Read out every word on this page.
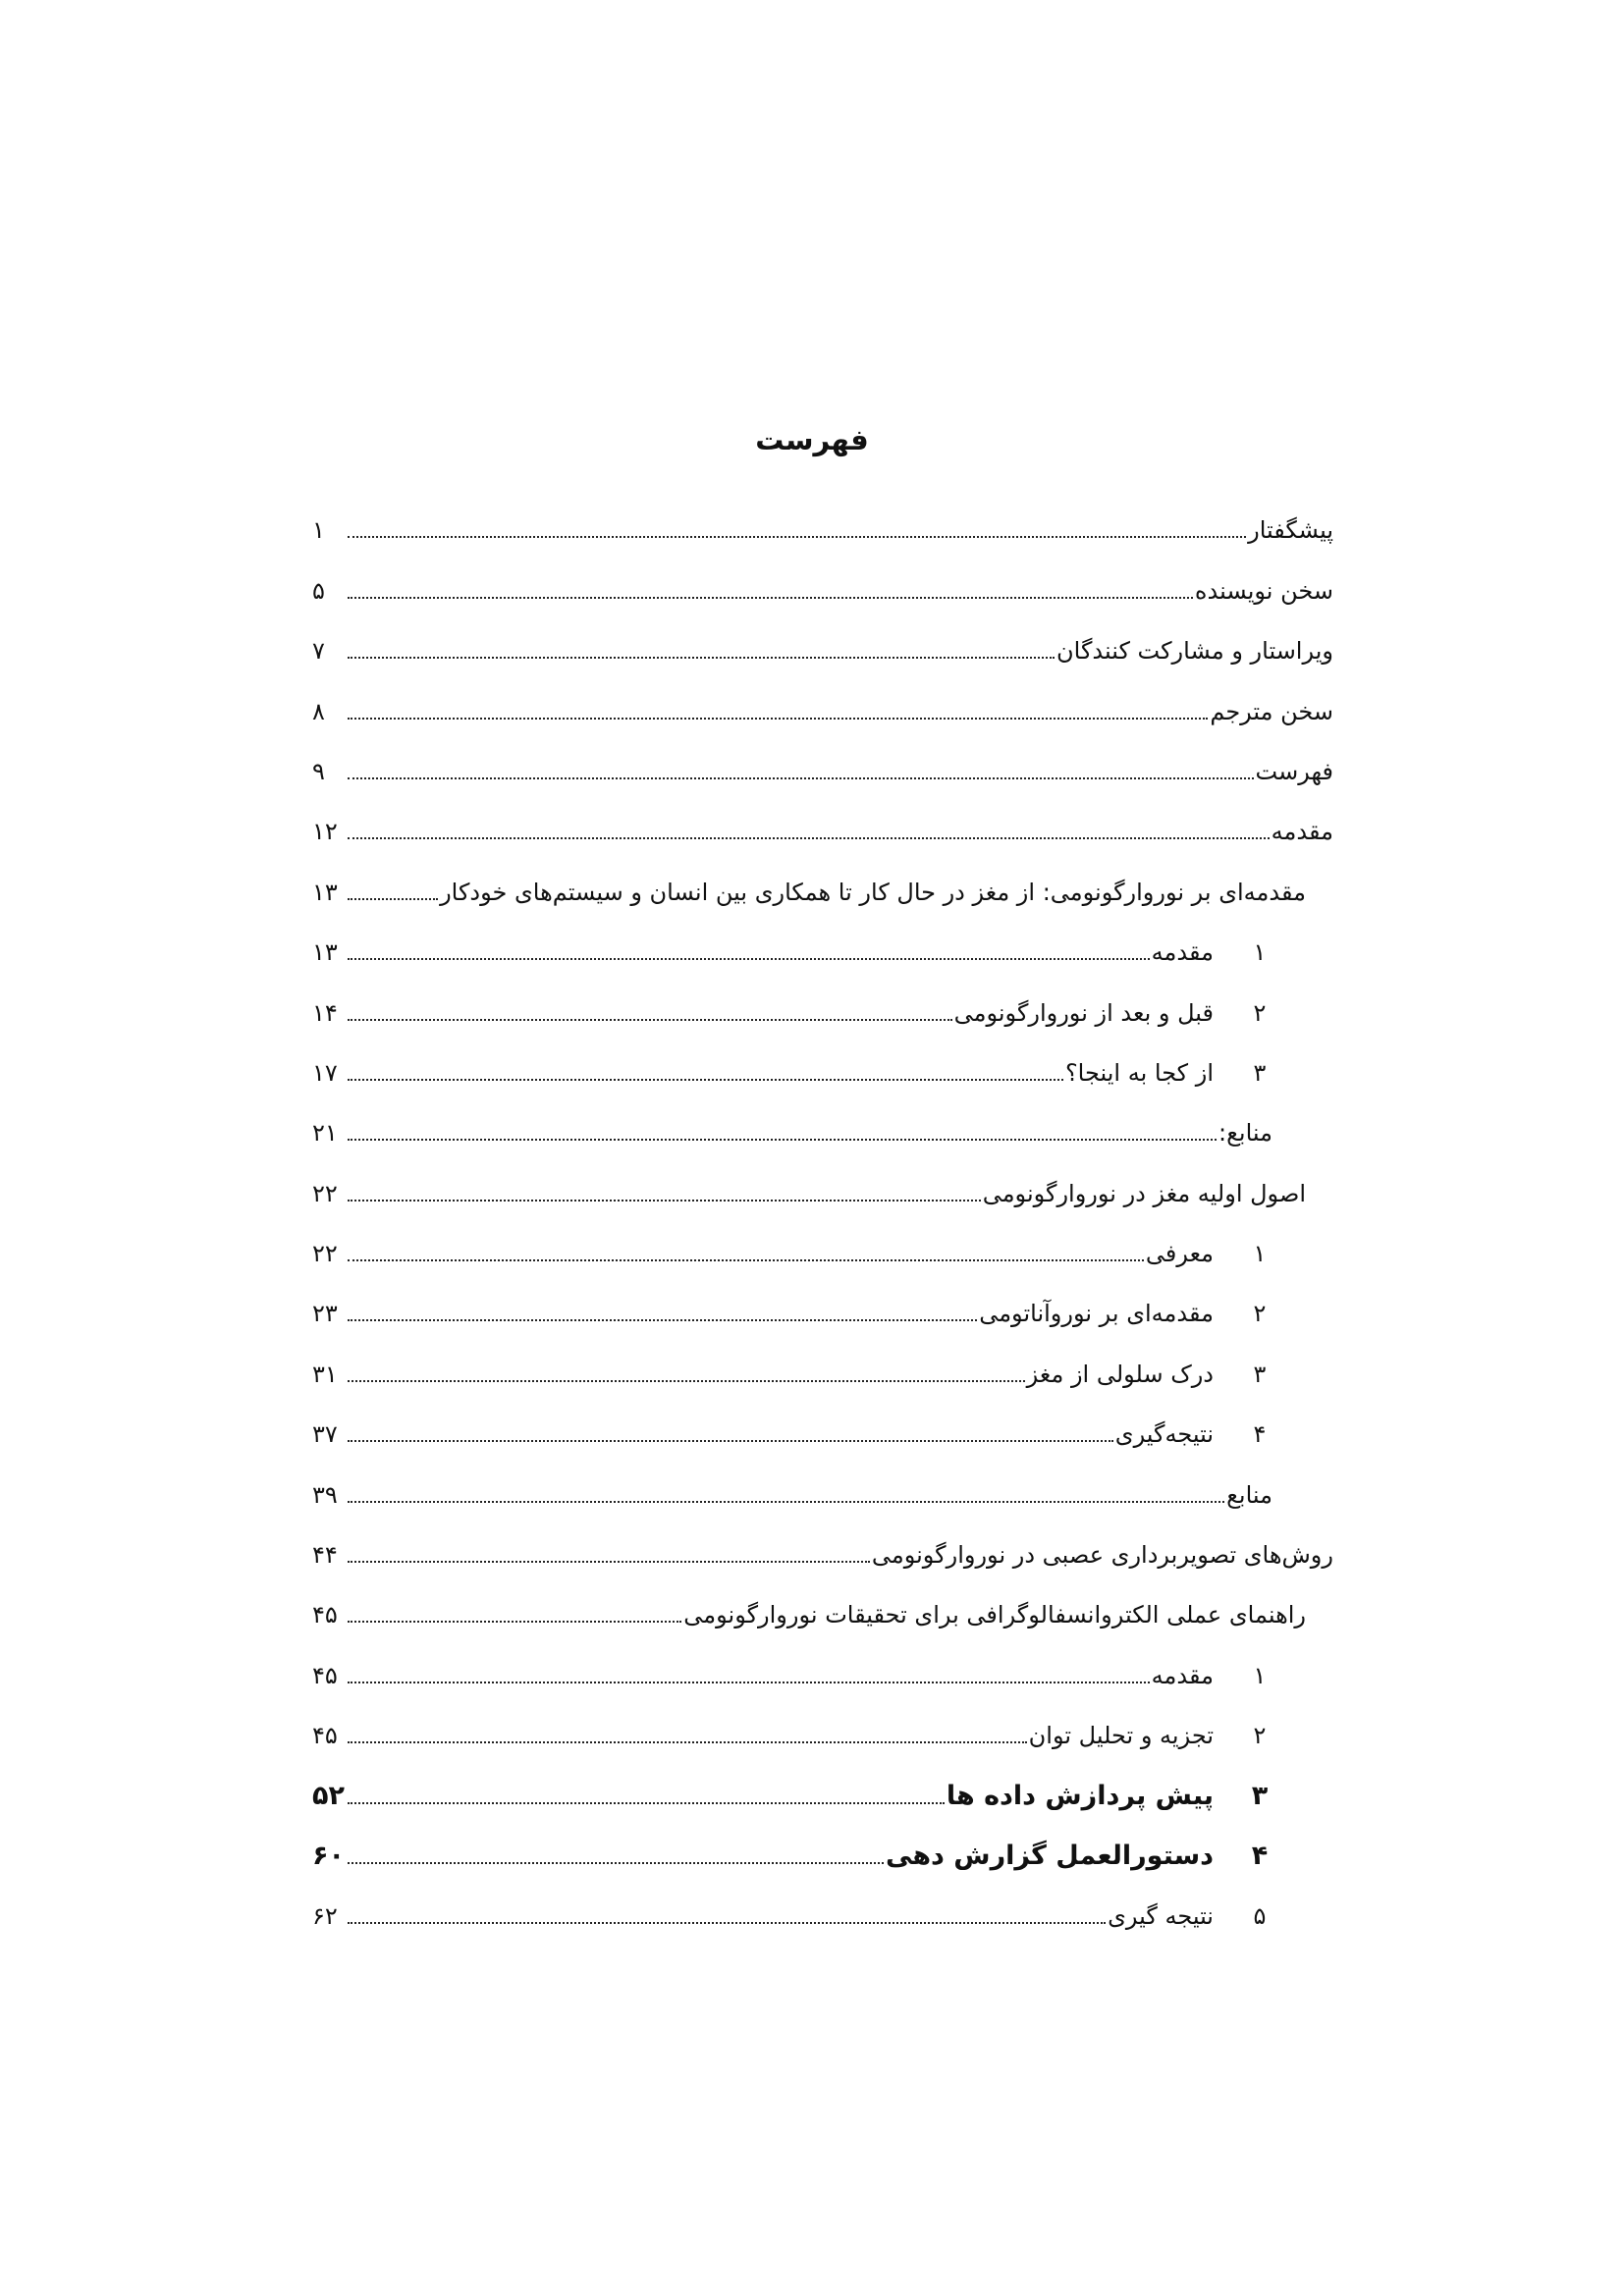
فهرست
۱	پیشگفتار
۵	سخن نویسنده
۷	ویراستار و مشارکت کنندگان
۸	سخن مترجم
۹	فهرست
۱۲	مقدمه
۱۳	مقدمه‌ای بر نوروارگونومی: از مغز در حال کار تا همکاری بین انسان و سیستم‌های خودکار
۱۳	مقدمه ۱
۱۴	قبل و بعد از نوروارگونومی ۲
۱۷	از کجا به اینجا؟ ۳
۲۱	منابع:
۲۲	اصول اولیه مغز در نوروارگونومی
۲۲	معرفی ۱
۲۳	مقدمه‌ای بر نوروآناتومی ۲
۳۱	درک سلولی از مغز ۳
۳۷	نتیجه‌گیری ۴
۳۹	منابع
۴۴	روش‌های تصویربرداری عصبی در نوروارگونومی
۴۵	راهنمای عملی الکتروانسفالوگرافی برای تحقیقات نوروارگونومی
۴۵	مقدمه ۱
۴۵	تجزیه و تحلیل توان ۲
۵۲	پیش پردازش داده ها ۳
۶۰	دستورالعمل گزارش دهی ۴
۶۲	نتیجه گیری ۵
